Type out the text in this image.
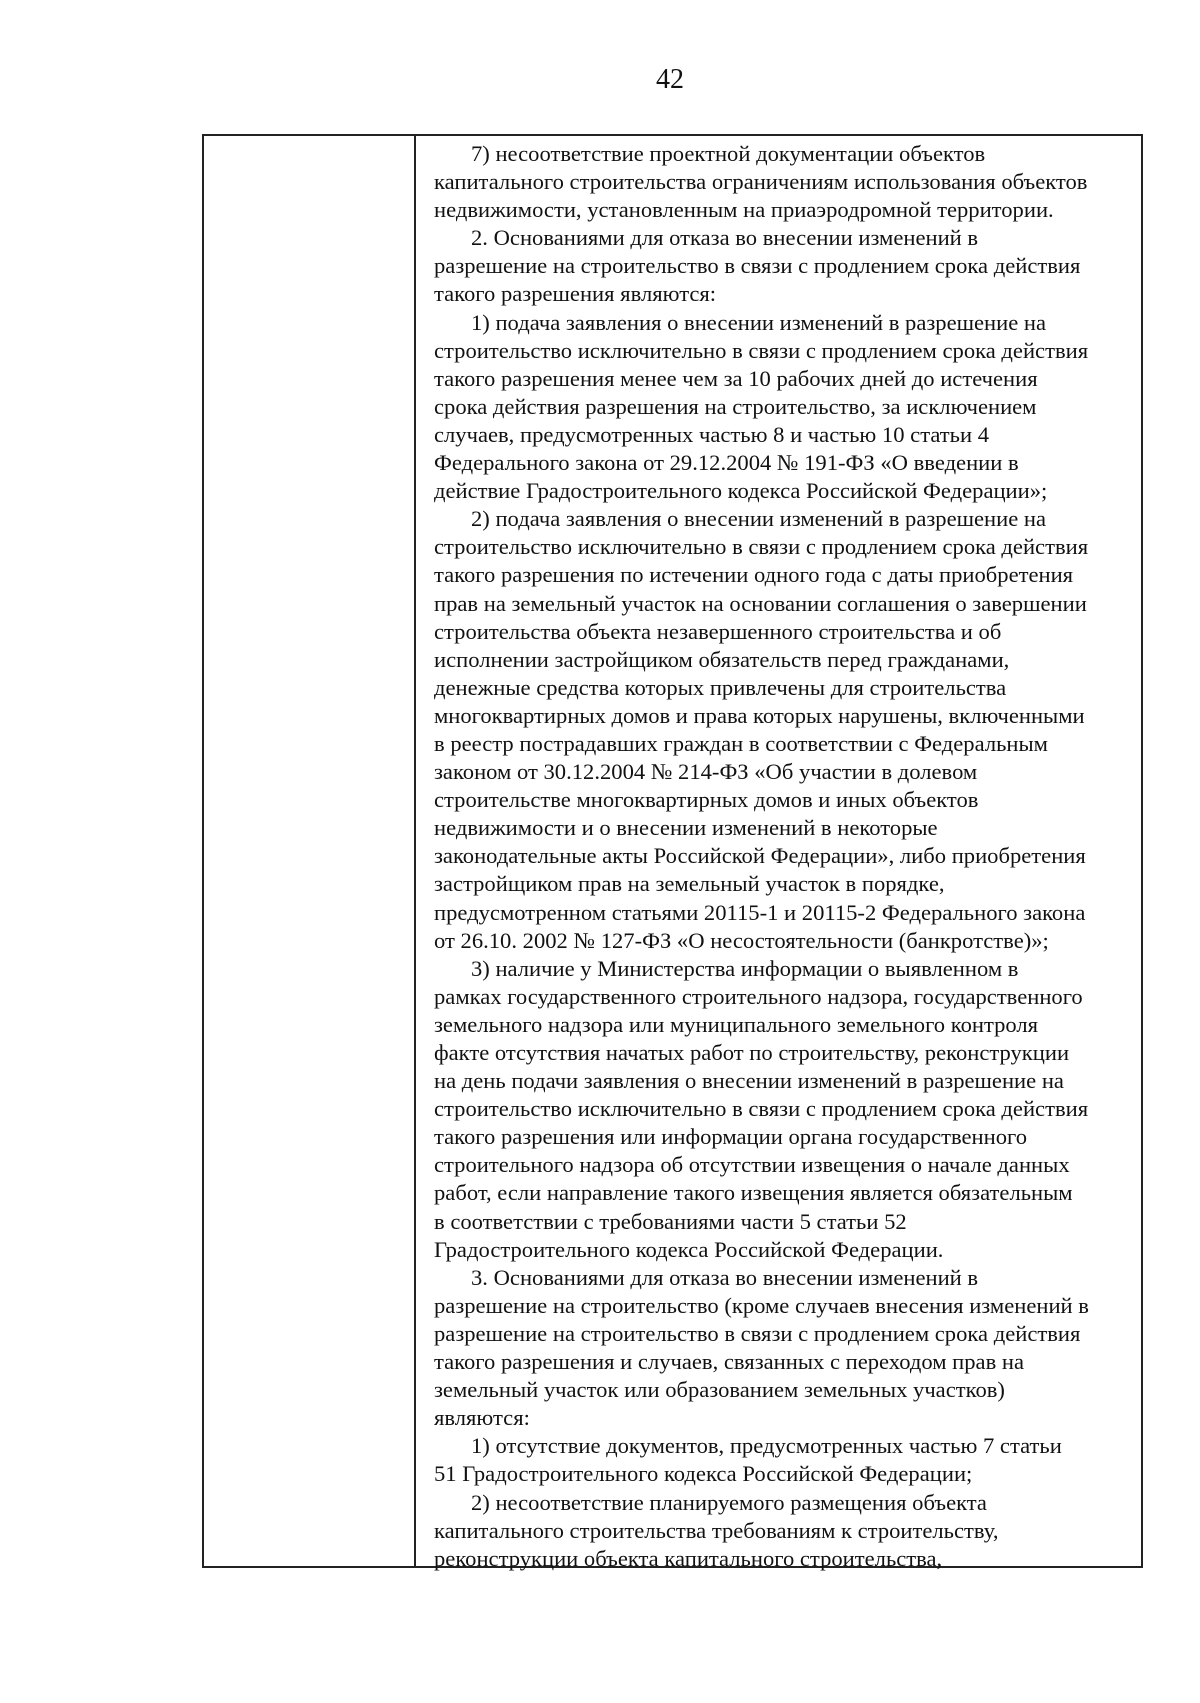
42

7) несоответствие проектной документации объектов
капитального строительства ограничениям использования объектов
недвижимости, установленным на приаэродромной территории.

2. Основаниями для отказа во внесении изменений в
разрешение на строительство в связи с продлением срока действия
такого разрешения являются:

1) подача заявления о внесении изменений в разрешение на
строительство исключительно в связи с продлением срока действия
такого разрешения менее чем за 10 рабочих дней до истечения
срока действия разрешения на строительство, за исключением
случаев, предусмотренных частью 8 и частью 10 статьи 4
Федерального закона от 29.12.2004 № 191-ФЗ «О введении в
действие Градостроительного кодекса Российской Федерации»;

2) подача заявления о внесении изменений в разрешение на
строительство исключительно в связи с продлением срока действия
такого разрешения по истечении одного года с даты приобретения
прав на земельный участок на основании соглашения о завершении
строительства объекта незавершенного строительства и об
исполнении застройщиком обязательств перед гражданами,
денежные средства которых привлечены для строительства
многоквартирных домов и права которых нарушены, включенными
в реестр пострадавших граждан в соответствии с Федеральным
законом от 30.12.2004 № 214-ФЗ «Об участии в долевом
строительстве многоквартирных домов и иных объектов
недвижимости и о внесении изменений в некоторые
законодательные акты Российской Федерации», либо приобретения
застройщиком прав на земельный участок в порядке,
предусмотренном статьями 20115-1 и 20115-2 Федерального закона
от 26.10. 2002 № 127-ФЗ «О несостоятельности (банкротстве)»;

3) наличие у Министерства информации о выявленном в
рамках государственного строительного надзора, государственного
земельного надзора или муниципального земельного контроля
факте отсутствия начатых работ по строительству, реконструкции
на день подачи заявления о внесении изменений в разрешение на
строительство исключительно в связи с продлением срока действия
такого разрешения или информации органа государственного
строительного надзора об отсутствии извещения о начале данных
работ, если направление такого извещения является обязательным
в соответствии с требованиями части 5 статьи 52
Градостроительного кодекса Российской Федерации.

3. Основаниями для отказа во внесении изменений в
разрешение на строительство (кроме случаев внесения изменений в
разрешение на строительство в связи с продлением срока действия
такого разрешения и случаев, связанных с переходом прав на
земельный участок или образованием земельных участков)
являются:

1) отсутствие документов, предусмотренных частью 7 статьи
51 Градостроительного кодекса Российской Федерации;

2) несоответствие планируемого размещения объекта
капитального строительства требованиям к строительству,
реконструкции объекта капитального строительства,
